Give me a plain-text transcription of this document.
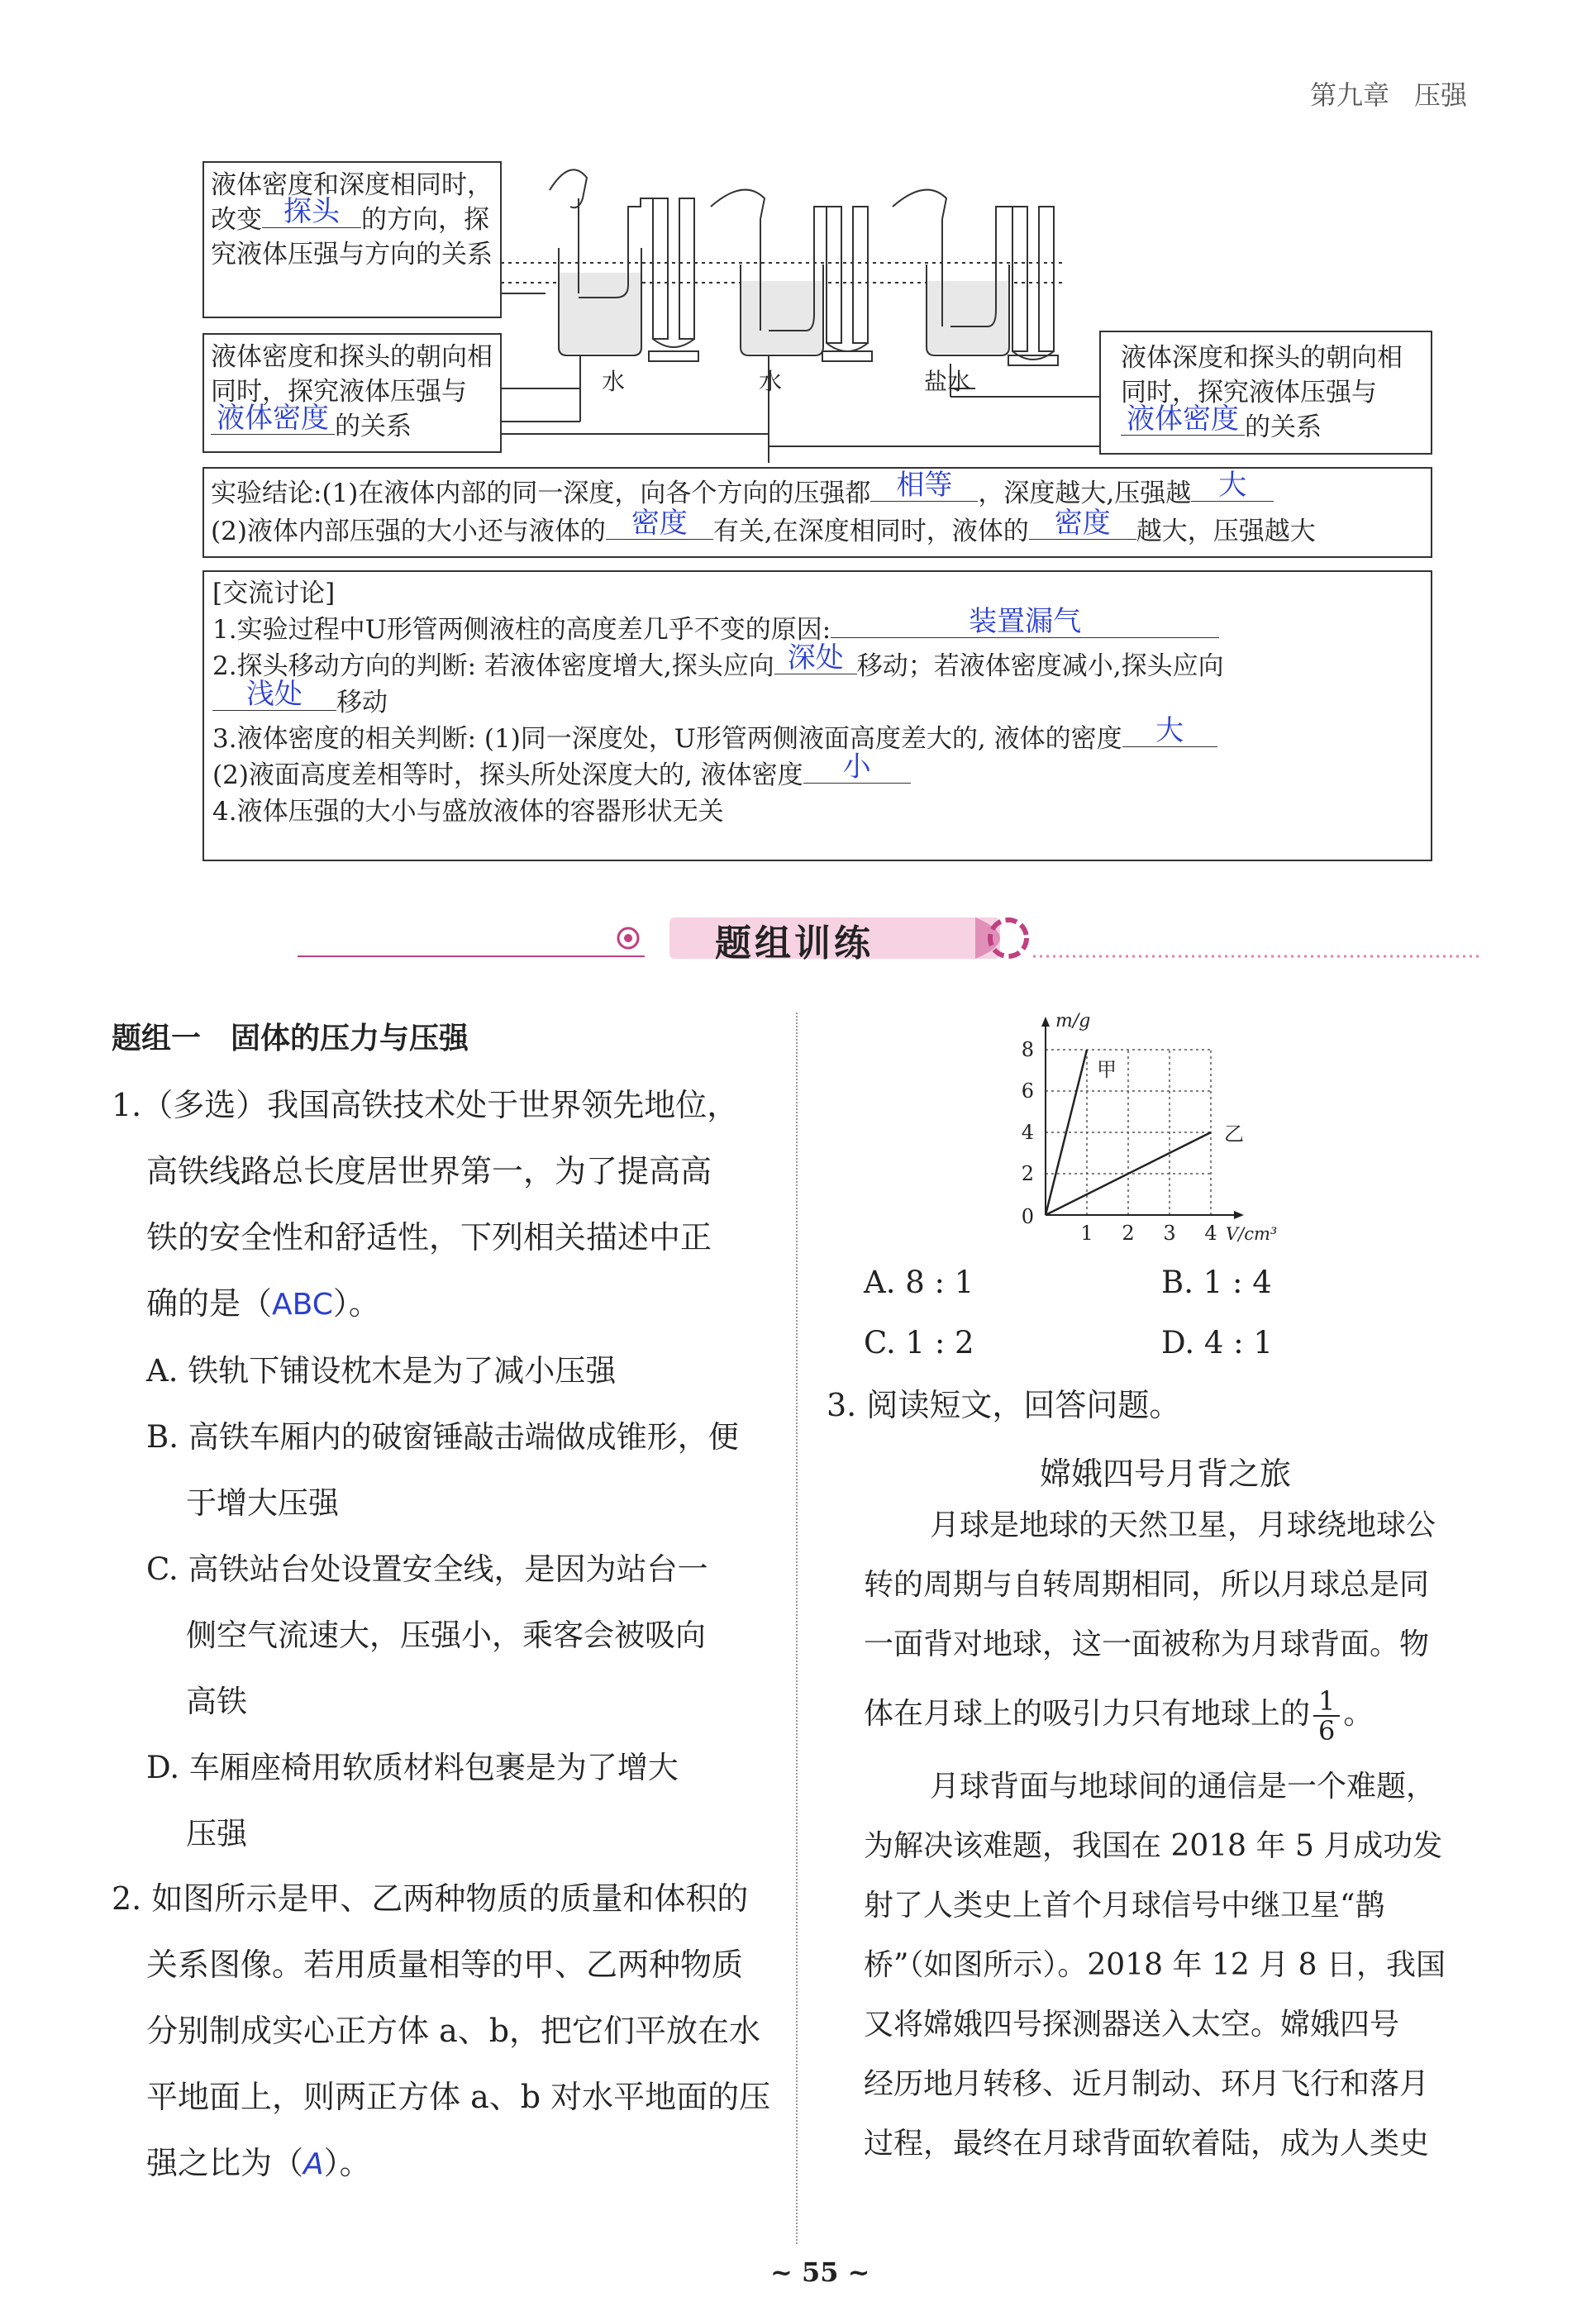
第九章 压强
水	水	盐水
液体密度和深度相同时，改变 探头 的方向，探究液体压强与方向的关系
液体密度和探头的朝向相同时，探究液体压强与
液体密度 的关系
液体深度和探头的朝向相同时，探究液体压强与
液体密度 的关系
实验结论:(1)在液体内部的同一深度，向各个方向的压强都 相等	，深度越大,压强越 大
(2)液体内部压强的大小还与液体的 密度	有关,在深度相同时，液体的 密度	越大，压强越大
[交流讨论]
1.实验过程中U形管两侧液柱的高度差几乎不变的原因:	装置漏气
2.探头移动方向的判断: 若液体密度增大,探头应向 深处 移动；若液体密度减小,探头应向
浅处	移动
3.液体密度的相关判断: (1)同一深度处，U形管两侧液面高度差大的, 液体的密度	大
(2)液面高度差相等时，探头所处深度大的, 液体密度	小
4.液体压强的大小与盛放液体的容器形状无关
题组训练
题组一　固体的压力与压强
1.（多选）我国高铁技术处于世界领先地位，
高铁线路总长度居世界第一，为了提高高
铁的安全性和舒适性，下列相关描述中正
确的是（ABC）。
A. 铁轨下铺设枕木是为了减小压强
B. 高铁车厢内的破窗锤敲击端做成锥形，便
于增大压强
C. 高铁站台处设置安全线，是因为站台一
侧空气流速大，压强小，乘客会被吸向
高铁
D. 车厢座椅用软质材料包裹是为了增大
压强
2. 如图所示是甲、乙两种物质的质量和体积的
关系图像。若用质量相等的甲、乙两种物质
分别制成实心正方体 a、b，把它们平放在水
平地面上，则两正方体 a、b 对水平地面的压
强之比为（A）。
1 2 3 4
2
4
6
8
0
V/cm³
m/g
甲
乙
A. 8 : 1	B. 1 : 4
C. 1 : 2	D. 4 : 1
3. 阅读短文，回答问题。
嫦娥四号月背之旅
月球是地球的天然卫星，月球绕地球公
转的周期与自转周期相同，所以月球总是同
一面背对地球，这一面被称为月球背面。物
体在月球上的吸引力只有地球上的 $\frac{1}{6}$ 。
月球背面与地球间的通信是一个难题，
为解决该难题，我国在 2018 年 5 月成功发
射了人类史上首个月球信号中继卫星“鹊
桥”（如图所示）。2018 年 12 月 8 日，我国
又将嫦娥四号探测器送入太空。嫦娥四号
经历地月转移、近月制动、环月飞行和落月
过程，最终在月球背面软着陆，成为人类史
~ 55 ~
